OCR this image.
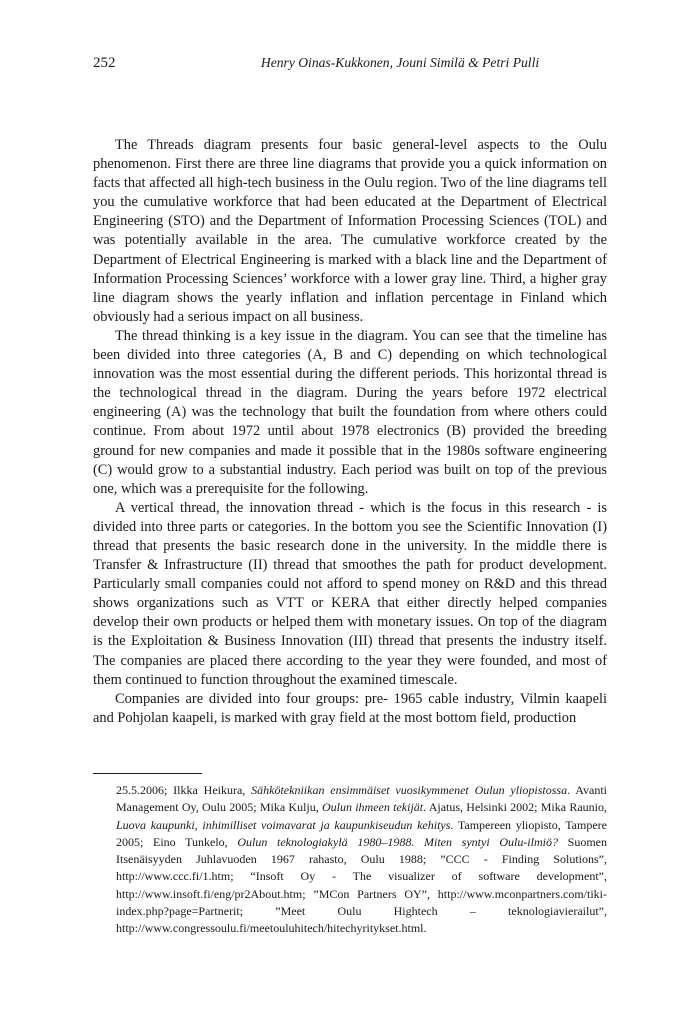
252	Henry Oinas-Kukkonen, Jouni Similä & Petri Pulli

The Threads diagram presents four basic general-level aspects to the Oulu phenomenon. First there are three line diagrams that provide you a quick information on facts that affected all high-tech business in the Oulu region. Two of the line diagrams tell you the cumulative workforce that had been educated at the Department of Electrical Engineering (STO) and the Department of Information Processing Sciences (TOL) and was potentially available in the area. The cumulative workforce created by the Department of Electrical Engineering is marked with a black line and the Department of Information Processing Sciences’ workforce with a lower gray line. Third, a higher gray line diagram shows the yearly inflation and inflation percentage in Finland which obviously had a serious impact on all business.

The thread thinking is a key issue in the diagram. You can see that the timeline has been divided into three categories (A, B and C) depending on which technological innovation was the most essential during the different periods. This horizontal thread is the technological thread in the diagram. During the years before 1972 electrical engineering (A) was the technology that built the foundation from where others could continue. From about 1972 until about 1978 electronics (B) provided the breeding ground for new companies and made it possible that in the 1980s software engineering (C) would grow to a substantial industry. Each period was built on top of the previous one, which was a prerequisite for the following.

A vertical thread, the innovation thread - which is the focus in this research - is divided into three parts or categories. In the bottom you see the Scientific Innovation (I) thread that presents the basic research done in the university. In the middle there is Transfer & Infrastructure (II) thread that smoothes the path for product development. Particularly small companies could not afford to spend money on R&D and this thread shows organizations such as VTT or KERA that either directly helped companies develop their own products or helped them with monetary issues. On top of the diagram is the Exploitation & Business Innovation (III) thread that presents the industry itself. The companies are placed there according to the year they were founded, and most of them continued to function throughout the examined timescale.

Companies are divided into four groups: pre- 1965 cable industry, Vilmin kaapeli and Pohjolan kaapeli, is marked with gray field at the most bottom field, production

25.5.2006; Ilkka Heikura, Sähkötekniikan ensimmäiset vuosikymmenet Oulun yliopistossa. Avanti Management Oy, Oulu 2005; Mika Kulju, Oulun ihmeen tekijät. Ajatus, Helsinki 2002; Mika Raunio, Luova kaupunki, inhimilliset voimavarat ja kaupunkiseudun kehitys. Tampereen yliopisto, Tampere 2005; Eino Tunkelo, Oulun teknologiakylä 1980–1988. Miten syntyi Oulu-ilmiö? Suomen Itsenäisyyden Juhlavuoden 1967 rahasto, Oulu 1988; ”CCC - Finding Solutions”, http://www.ccc.fi/1.htm; “Insoft Oy - The visualizer of software development”, http://www.insoft.fi/eng/pr2About.htm; ”MCon Partners OY”, http://www.mconpartners.com/tiki-index.php?page=Partnerit; ”Meet Oulu Hightech – teknologiavierailut”, http://www.congressoulu.fi/meetouluhitech/hitechyritykset.html.
